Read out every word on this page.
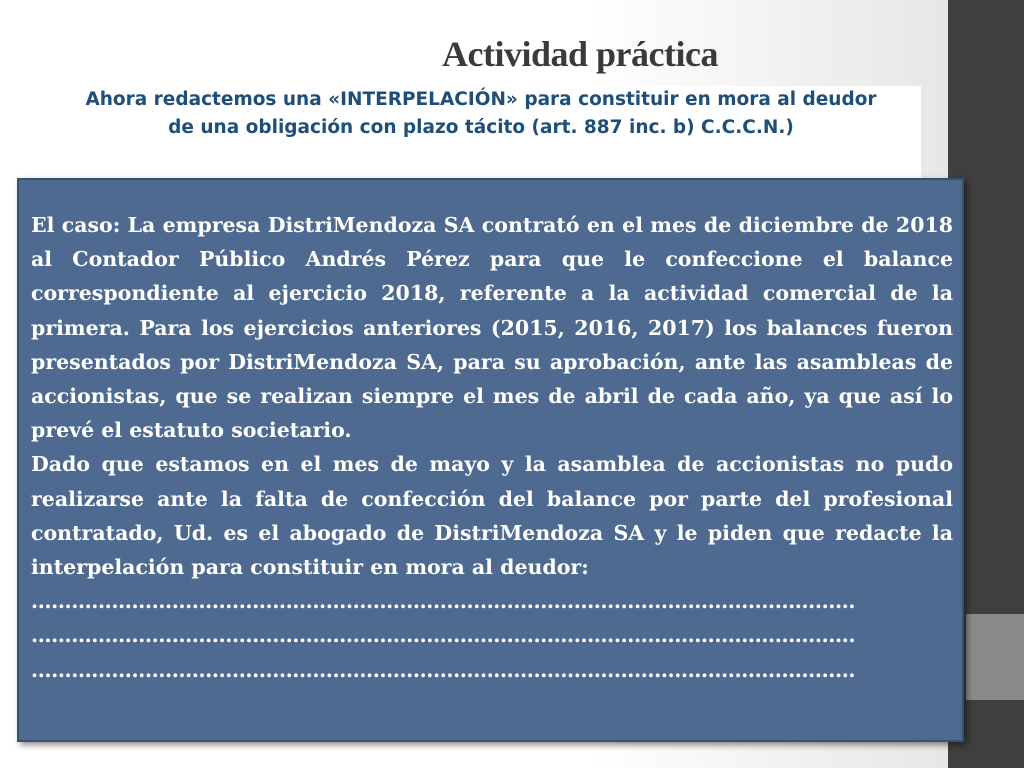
Actividad práctica

Ahora redactemos una «INTERPELACIÓN» para constituir en mora al deudor de una obligación con plazo tácito (art. 887 inc. b) C.C.C.N.)

El caso: La empresa DistriMendoza SA contrató en el mes de diciembre de 2018 al Contador Público Andrés Pérez para que le confeccione el balance correspondiente al ejercicio 2018, referente a la actividad comercial de la primera. Para los ejercicios anteriores (2015, 2016, 2017) los balances fueron presentados por DistriMendoza SA, para su aprobación, ante las asambleas de accionistas, que se realizan siempre el mes de abril de cada año, ya que así lo prevé el estatuto societario.

Dado que estamos en el mes de mayo y la asamblea de accionistas no pudo realizarse ante la falta de confección del balance por parte del profesional contratado, Ud. es el abogado de DistriMendoza SA y le piden que redacte la interpelación para constituir en mora al deudor:

……………………………………………………………………………………………………………

……………………………………………………………………………………………………………

……………………………………………………………………………………………………………
